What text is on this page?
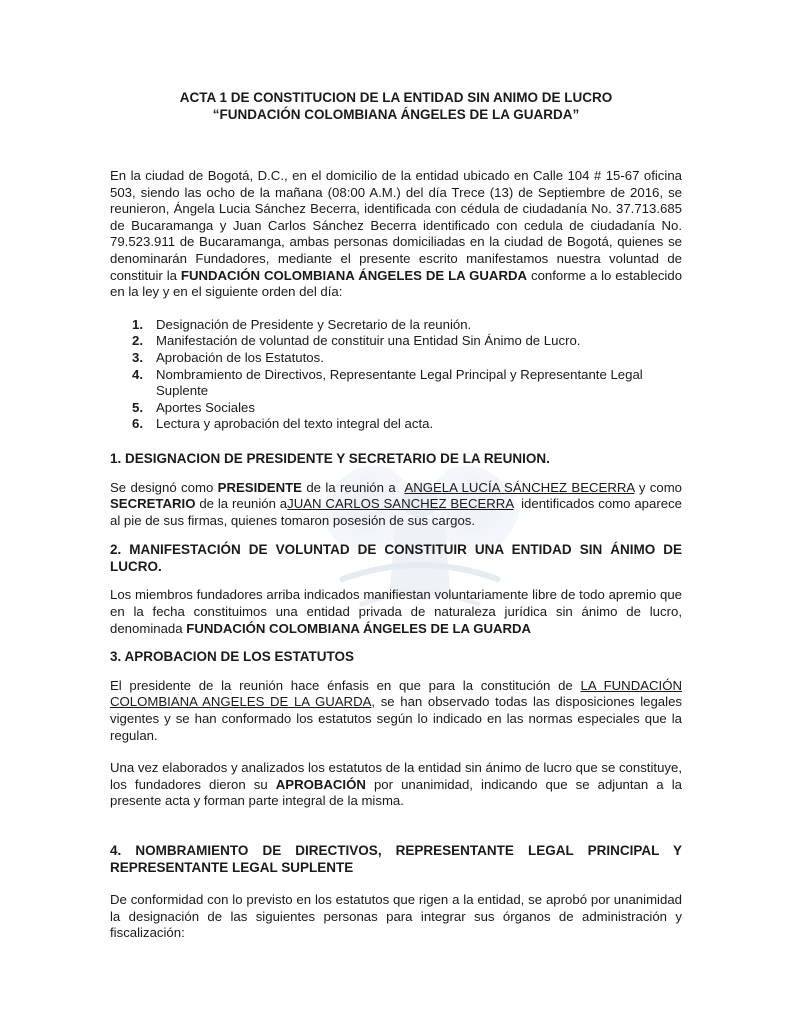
ACTA 1 DE CONSTITUCION DE LA ENTIDAD SIN ANIMO DE LUCRO
“FUNDACIÓN COLOMBIANA ÁNGELES DE LA GUARDA”

En la ciudad de Bogotá, D.C., en el domicilio de la entidad ubicado en Calle 104 # 15-67 oficina 503, siendo las ocho de la mañana (08:00 A.M.) del día Trece (13) de Septiembre de 2016, se reunieron, Ángela Lucia Sánchez Becerra, identificada con cédula de ciudadanía No. 37.713.685 de Bucaramanga y Juan Carlos Sánchez Becerra identificado con cedula de ciudadanía No. 79.523.911 de Bucaramanga, ambas personas domiciliadas en la ciudad de Bogotá, quienes se denominarán Fundadores, mediante el presente escrito manifestamos nuestra voluntad de constituir la FUNDACIÓN COLOMBIANA ÁNGELES DE LA GUARDA conforme a lo establecido en la ley y en el siguiente orden del día:

1. Designación de Presidente y Secretario de la reunión.
2. Manifestación de voluntad de constituir una Entidad Sin Ánimo de Lucro.
3. Aprobación de los Estatutos.
4. Nombramiento de Directivos, Representante Legal Principal y Representante Legal Suplente
5. Aportes Sociales
6. Lectura y aprobación del texto integral del acta.
1. DESIGNACION DE PRESIDENTE Y SECRETARIO DE LA REUNION.

Se designó como PRESIDENTE de la reunión a ANGELA LUCÍA SÁNCHEZ BECERRA y como SECRETARIO de la reunión aJUAN CARLOS SANCHEZ BECERRA identificados como aparece al pie de sus firmas, quienes tomaron posesión de sus cargos.

2. MANIFESTACIÓN DE VOLUNTAD DE CONSTITUIR UNA ENTIDAD SIN ÁNIMO DE LUCRO.

Los miembros fundadores arriba indicados manifiestan voluntariamente libre de todo apremio que en la fecha constituimos una entidad privada de naturaleza jurídica sin ánimo de lucro, denominada FUNDACIÓN COLOMBIANA ÁNGELES DE LA GUARDA

3. APROBACION DE LOS ESTATUTOS

El presidente de la reunión hace énfasis en que para la constitución de LA FUNDACIÓN COLOMBIANA ANGELES DE LA GUARDA, se han observado todas las disposiciones legales vigentes y se han conformado los estatutos según lo indicado en las normas especiales que la regulan.

Una vez elaborados y analizados los estatutos de la entidad sin ánimo de lucro que se constituye, los fundadores dieron su APROBACIÓN por unanimidad, indicando que se adjuntan a la presente acta y forman parte integral de la misma.

4. NOMBRAMIENTO DE DIRECTIVOS, REPRESENTANTE LEGAL PRINCIPAL Y REPRESENTANTE LEGAL SUPLENTE

De conformidad con lo previsto en los estatutos que rigen a la entidad, se aprobó por unanimidad la designación de las siguientes personas para integrar sus órganos de administración y fiscalización:
